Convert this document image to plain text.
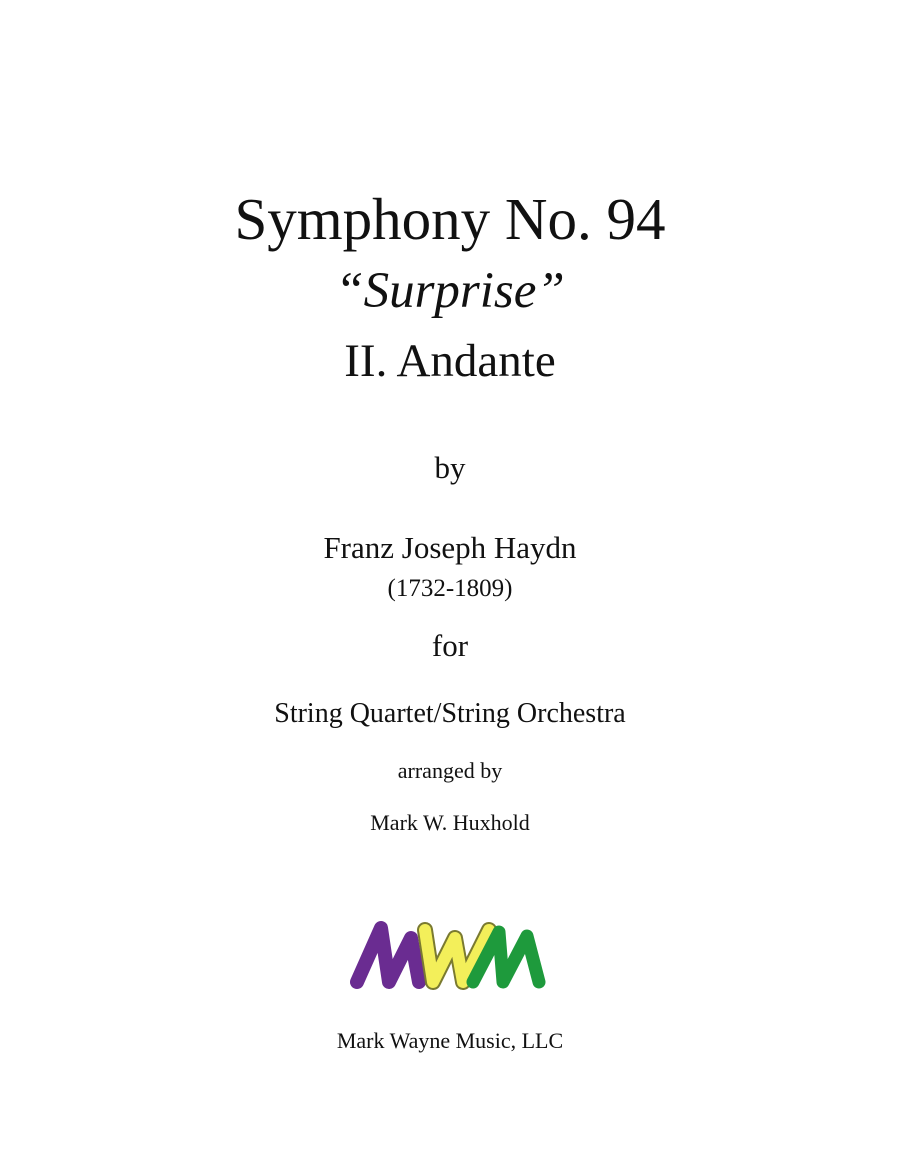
Symphony No. 94
“Surprise”
II. Andante
by
Franz Joseph Haydn
(1732-1809)
for
String Quartet/String Orchestra
arranged by
Mark W. Huxhold
Mark Wayne Music, LLC
